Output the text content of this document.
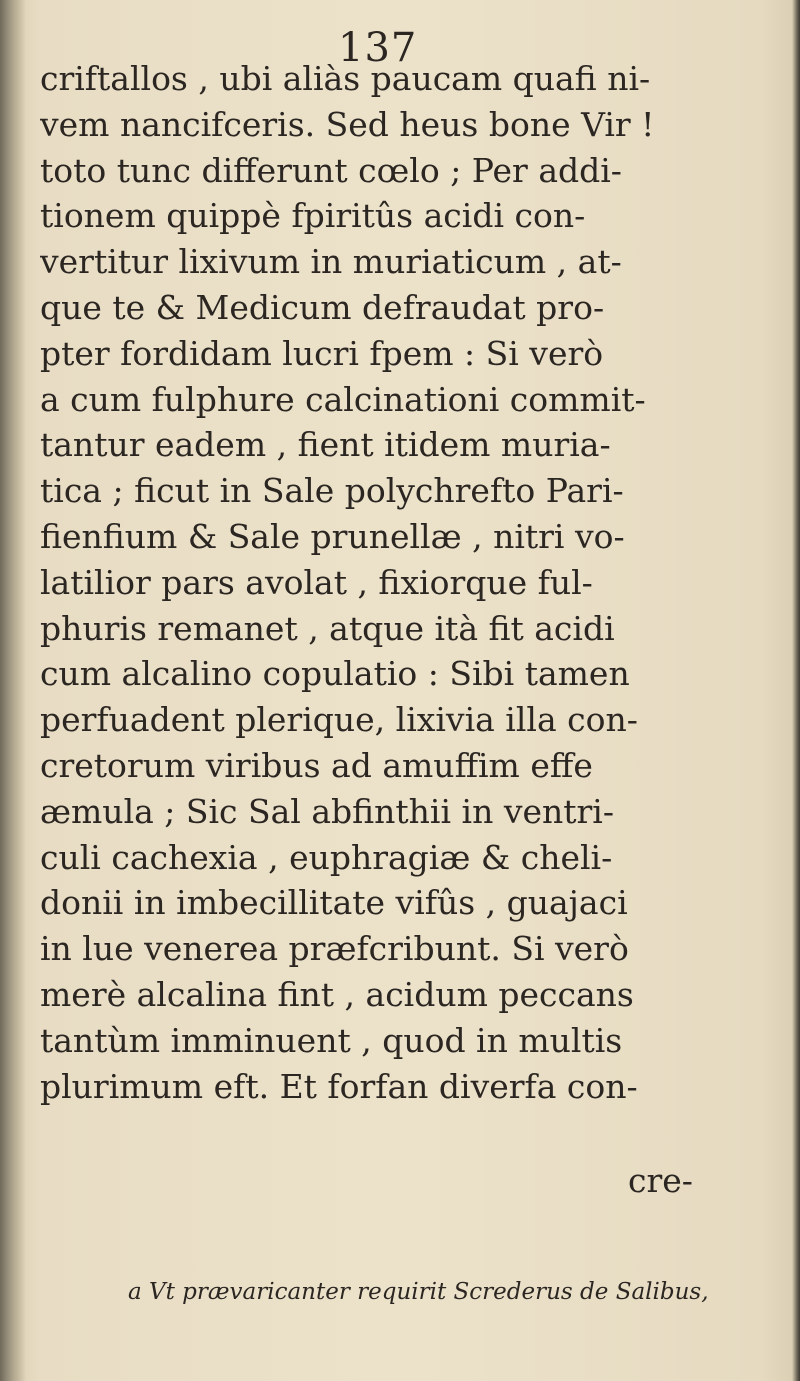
137
criftallos , ubi aliàs paucam quafi ni-
vem nancifceris. Sed heus bone Vir !
toto tunc differunt cœlo ; Per addi-
tionem quippè fpiritûs acidi con-
vertitur lixivum in muriaticum , at-
que te & Medicum defraudat pro-
pter fordidam lucri fpem : Si verò
a cum fulphure calcinationi commit-
tantur eadem , fient itidem muria-
tica ; ficut in Sale polychrefto Pari-
fienfium & Sale prunellæ , nitri vo-
latilior pars avolat , fixiorque ful-
phuris remanet , atque ità fit acidi
cum alcalino copulatio : Sibi tamen
perfuadent plerique, lixivia illa con-
cretorum viribus ad amuffim effe
æmula ; Sic Sal abfinthii in ventri-
culi cachexia , euphragiæ & cheli-
donii in imbecillitate vifûs , guajaci
in lue venerea præfcribunt. Si verò
merè alcalina fint , acidum peccans
tantùm imminuent , quod in multis
plurimum eft. Et forfan diverfa con-
cre-
a Vt prævaricanter requirit Screderus de Salibus,
